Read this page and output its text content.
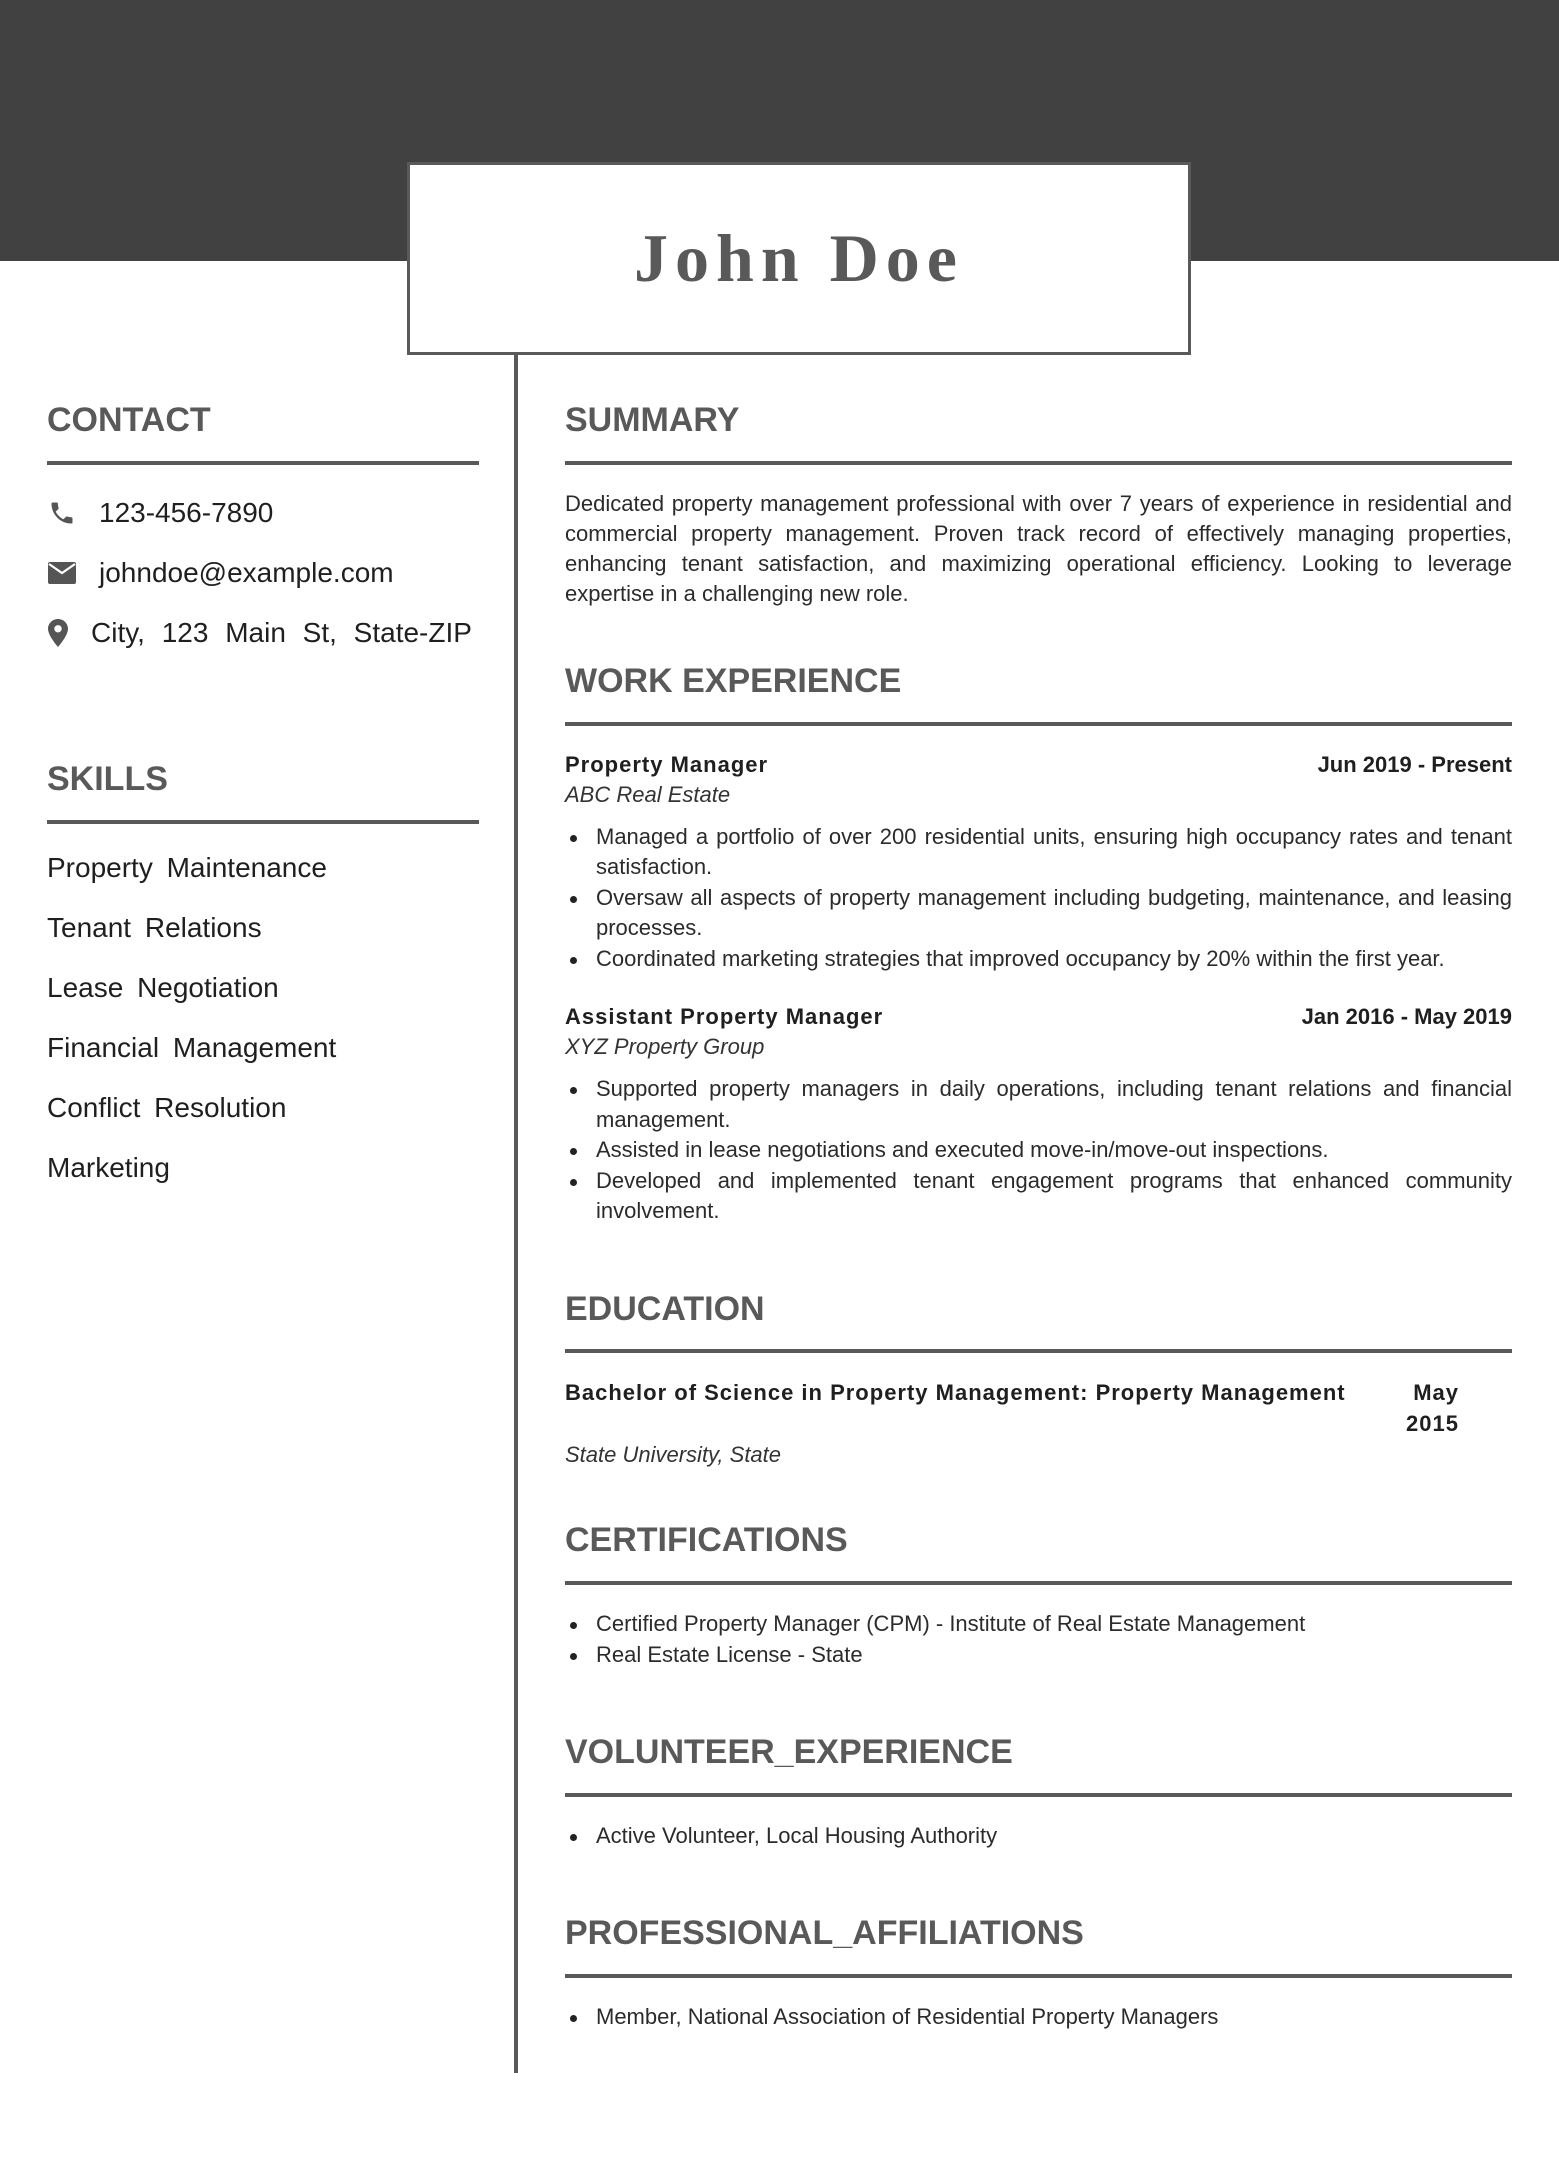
John Doe
CONTACT
123-456-7890
johndoe@example.com
City, 123 Main St, State-ZIP
SKILLS
Property Maintenance
Tenant Relations
Lease Negotiation
Financial Management
Conflict Resolution
Marketing
SUMMARY

Dedicated property management professional with over 7 years of experience in residential and commercial property management. Proven track record of effectively managing properties, enhancing tenant satisfaction, and maximizing operational efficiency. Looking to leverage expertise in a challenging new role.

WORK EXPERIENCE
Property Manager	Jun 2019 - Present
ABC Real Estate
Managed a portfolio of over 200 residential units, ensuring high occupancy rates and tenant satisfaction.
Oversaw all aspects of property management including budgeting, maintenance, and leasing processes.
Coordinated marketing strategies that improved occupancy by 20% within the first year.
Assistant Property Manager	Jan 2016 - May 2019
XYZ Property Group
Supported property managers in daily operations, including tenant relations and financial management.
Assisted in lease negotiations and executed move-in/move-out inspections.
Developed and implemented tenant engagement programs that enhanced community involvement.
EDUCATION
Bachelor of Science in Property Management: Property Management	May 2015
State University, State
CERTIFICATIONS
Certified Property Manager (CPM) - Institute of Real Estate Management
Real Estate License - State
VOLUNTEER_EXPERIENCE
Active Volunteer, Local Housing Authority
PROFESSIONAL_AFFILIATIONS
Member, National Association of Residential Property Managers
